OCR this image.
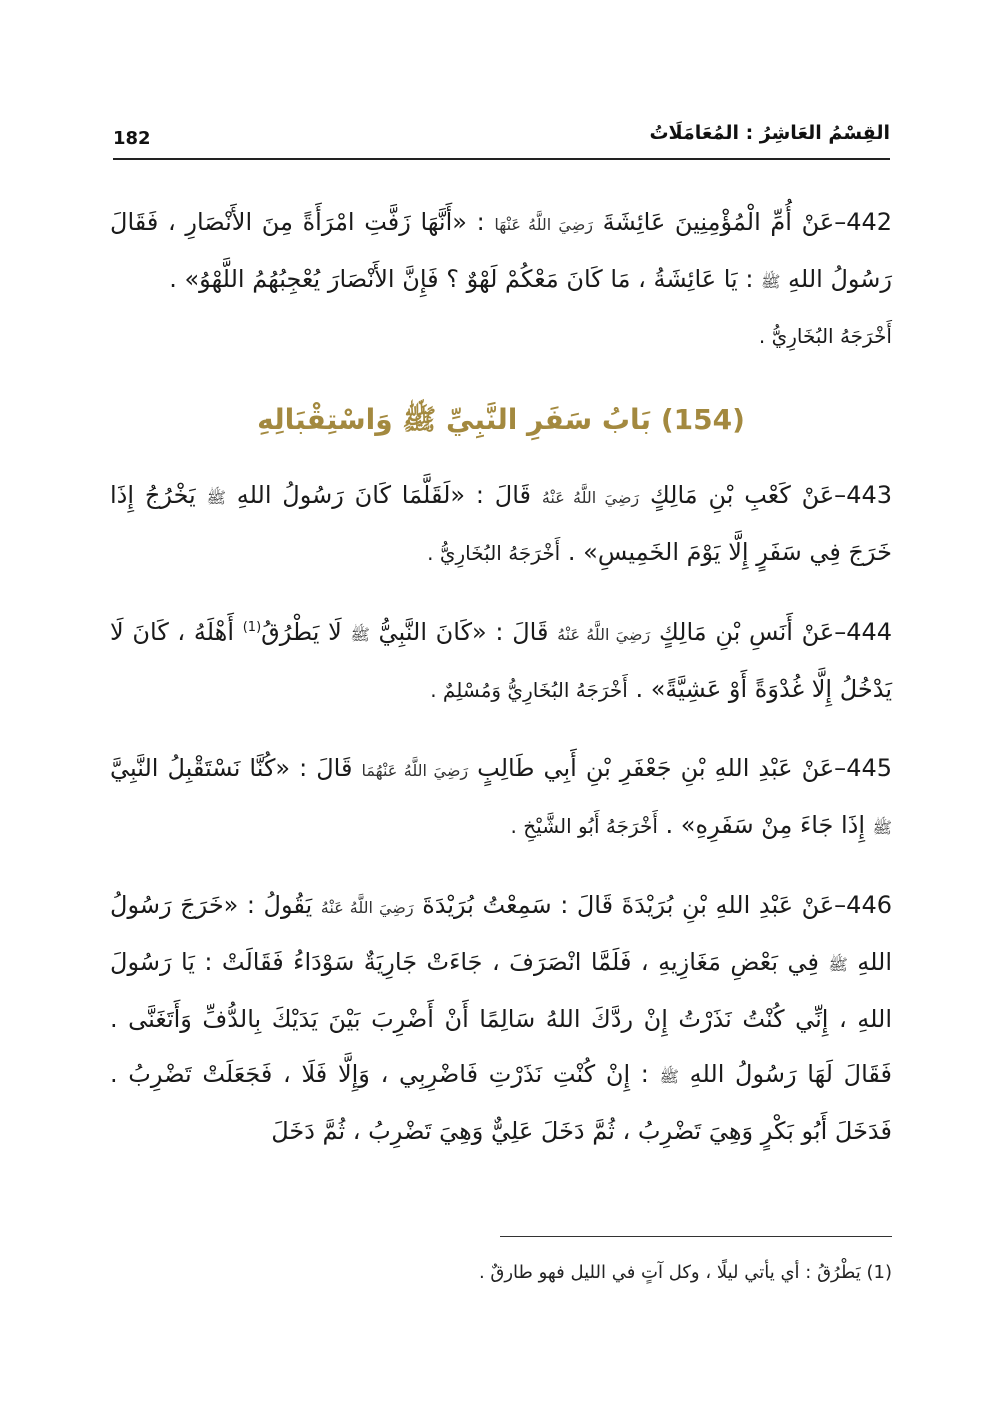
182	القِسْمُ العَاشِرُ : المُعَامَلَاتُ

442–عَنْ أُمِّ الْمُؤْمِنِينَ عَائِشَةَ رَضِيَ اللَّهُ عَنْهَا : «أَنَّهَا زَفَّتِ امْرَأَةً مِنَ الأَنْصَارِ ، فَقَالَ رَسُولُ اللهِ ﷺ : يَا عَائِشَةُ ، مَا كَانَ مَعْكُمْ لَهْوٌ ؟ فَإِنَّ الأَنْصَارَ يُعْجِبُهُمُ اللَّهْوُ» .

أَخْرَجَهُ البُخَارِيُّ .

(154) بَابُ سَفَرِ النَّبِيِّ ﷺ وَاسْتِقْبَالِهِ

443–عَنْ كَعْبِ بْنِ مَالِكٍ رَضِيَ اللَّهُ عَنْهُ قَالَ : «لَقَلَّمَا كَانَ رَسُولُ اللهِ ﷺ يَخْرُجُ إِذَا خَرَجَ فِي سَفَرٍ إِلَّا يَوْمَ الخَمِيسِ» . أَخْرَجَهُ البُخَارِيُّ .

444–عَنْ أَنَسِ بْنِ مَالِكٍ رَضِيَ اللَّهُ عَنْهُ قَالَ : «كَانَ النَّبِيُّ ﷺ لَا يَطْرُقُ$^{(1)}$ أَهْلَهُ ، كَانَ لَا يَدْخُلُ إِلَّا غُدْوَةً أَوْ عَشِيَّةً» . أَخْرَجَهُ البُخَارِيُّ وَمُسْلِمٌ .

445–عَنْ عَبْدِ اللهِ بْنِ جَعْفَرِ بْنِ أَبِي طَالِبٍ رَضِيَ اللَّهُ عَنْهُمَا قَالَ : «كُنَّا نَسْتَقْبِلُ النَّبِيَّ ﷺ إِذَا جَاءَ مِنْ سَفَرِهِ» . أَخْرَجَهُ أَبُو الشَّيْخِ .

446–عَنْ عَبْدِ اللهِ بْنِ بُرَيْدَةَ قَالَ : سَمِعْتُ بُرَيْدَةَ رَضِيَ اللَّهُ عَنْهُ يَقُولُ : «خَرَجَ رَسُولُ اللهِ ﷺ فِي بَعْضِ مَغَازِيهِ ، فَلَمَّا انْصَرَفَ ، جَاءَتْ جَارِيَةٌ سَوْدَاءُ فَقَالَتْ : يَا رَسُولَ اللهِ ، إِنِّي كُنْتُ نَذَرْتُ إِنْ ردَّكَ اللهُ سَالِمًا أَنْ أَضْرِبَ بَيْنَ يَدَيْكَ بِالدُّفِّ وَأَتَغَنَّى . فَقَالَ لَهَا رَسُولُ اللهِ ﷺ : إِنْ كُنْتِ نَذَرْتِ فَاضْرِبِي ، وَإِلَّا فَلَا ، فَجَعَلَتْ تَضْرِبُ . فَدَخَلَ أَبُو بَكْرٍ وَهِيَ تَضْرِبُ ، ثُمَّ دَخَلَ عَلِيٌّ وَهِيَ تَضْرِبُ ، ثُمَّ دَخَلَ

(1) يَطْرُقُ : أي يأتي ليلًا ، وكل آتٍ في الليل فهو طارقٌ .
